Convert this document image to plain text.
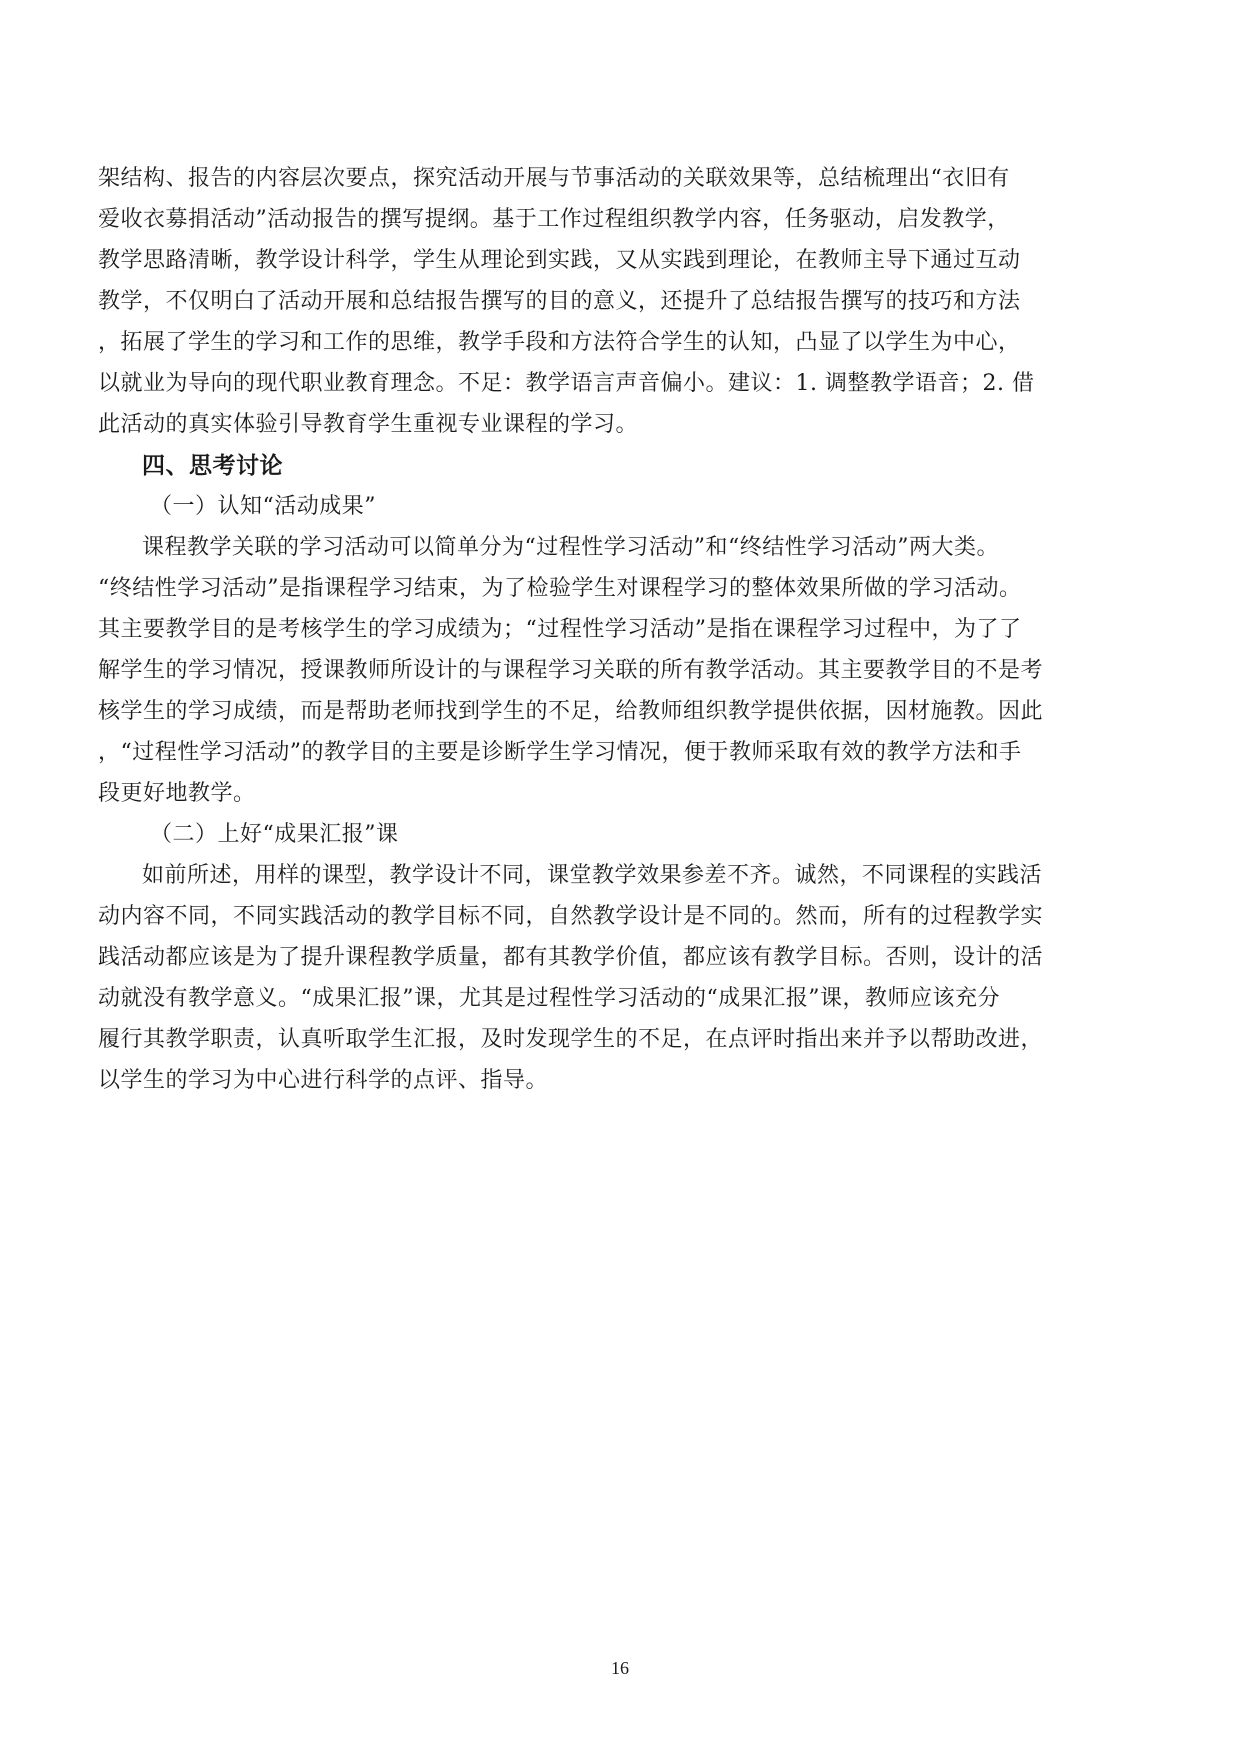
架结构、报告的内容层次要点，探究活动开展与节事活动的关联效果等，总结梳理出“衣旧有
爱收衣募捐活动”活动报告的撰写提纲。基于工作过程组织教学内容，任务驱动，启发教学，
教学思路清晰，教学设计科学，学生从理论到实践，又从实践到理论，在教师主导下通过互动
教学，不仅明白了活动开展和总结报告撰写的目的意义，还提升了总结报告撰写的技巧和方法
，拓展了学生的学习和工作的思维，教学手段和方法符合学生的认知，凸显了以学生为中心，
以就业为导向的现代职业教育理念。不足：教学语言声音偏小。建议：1. 调整教学语音；2. 借
此活动的真实体验引导教育学生重视专业课程的学习。
四、思考讨论
（一）认知“活动成果”
课程教学关联的学习活动可以简单分为“过程性学习活动”和“终结性学习活动”两大类。
“终结性学习活动”是指课程学习结束，为了检验学生对课程学习的整体效果所做的学习活动。
其主要教学目的是考核学生的学习成绩为；“过程性学习活动”是指在课程学习过程中，为了了
解学生的学习情况，授课教师所设计的与课程学习关联的所有教学活动。其主要教学目的不是考
核学生的学习成绩，而是帮助老师找到学生的不足，给教师组织教学提供依据，因材施教。因此
，“过程性学习活动”的教学目的主要是诊断学生学习情况，便于教师采取有效的教学方法和手
段更好地教学。
（二）上好“成果汇报”课
如前所述，用样的课型，教学设计不同，课堂教学效果参差不齐。诚然，不同课程的实践活
动内容不同，不同实践活动的教学目标不同，自然教学设计是不同的。然而，所有的过程教学实
践活动都应该是为了提升课程教学质量，都有其教学价值，都应该有教学目标。否则，设计的活
动就没有教学意义。“成果汇报”课，尤其是过程性学习活动的“成果汇报”课，教师应该充分
履行其教学职责，认真听取学生汇报，及时发现学生的不足，在点评时指出来并予以帮助改进，
以学生的学习为中心进行科学的点评、指导。
16
